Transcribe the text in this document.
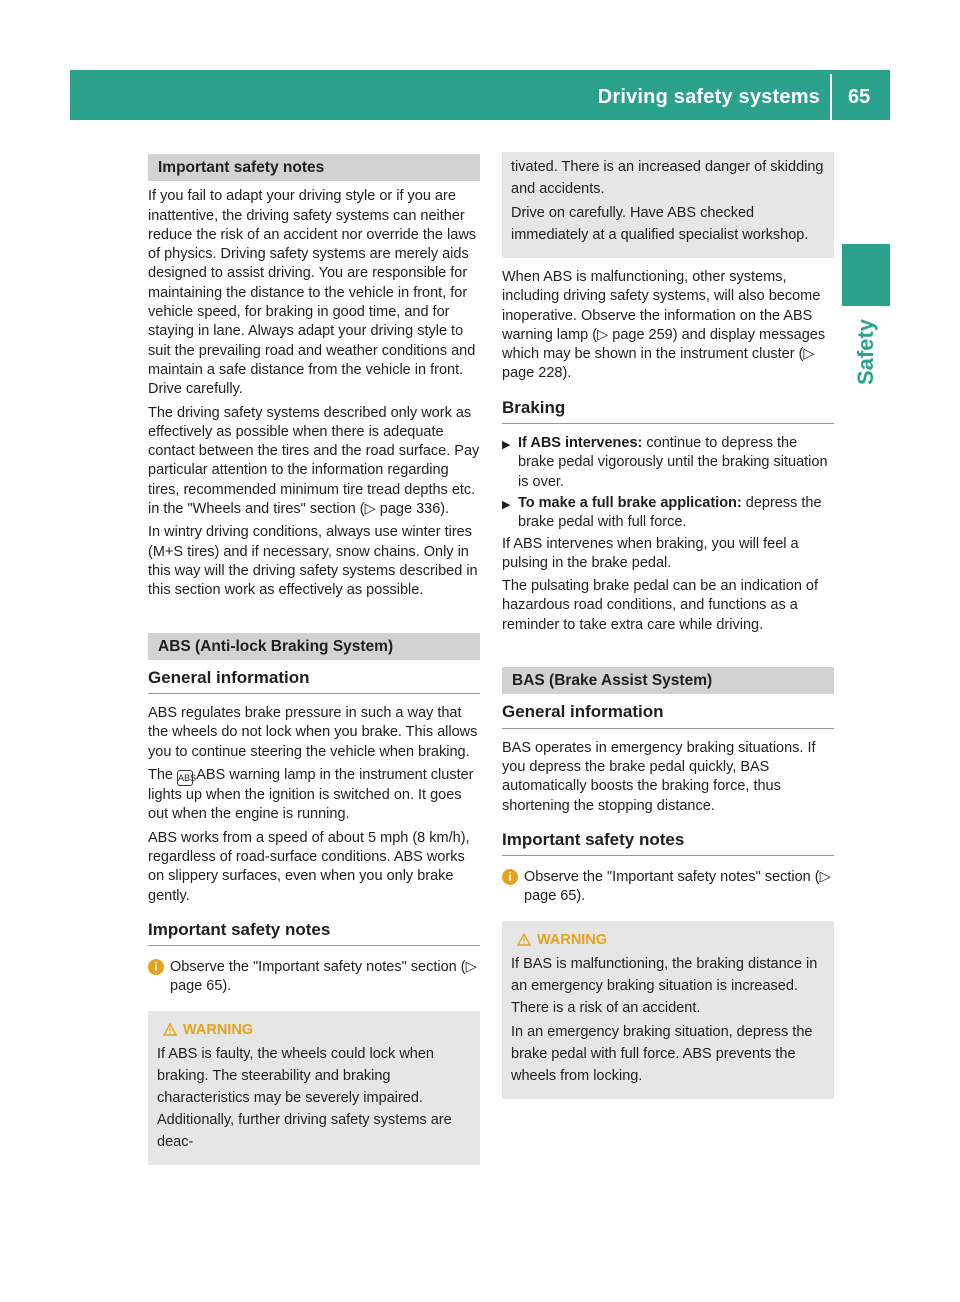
Driving safety systems 65
Safety
Important safety notes

If you fail to adapt your driving style or if you are inattentive, the driving safety systems can neither reduce the risk of an accident nor override the laws of physics. Driving safety systems are merely aids designed to assist driving. You are responsible for maintaining the distance to the vehicle in front, for vehicle speed, for braking in good time, and for staying in lane. Always adapt your driving style to suit the prevailing road and weather conditions and maintain a safe distance from the vehicle in front. Drive carefully.

The driving safety systems described only work as effectively as possible when there is adequate contact between the tires and the road surface. Pay particular attention to the information regarding tires, recommended minimum tire tread depths etc. in the "Wheels and tires" section (▷ page 336).

In wintry driving conditions, always use winter tires (M+S tires) and if necessary, snow chains. Only in this way will the driving safety systems described in this section work as effectively as possible.

ABS (Anti-lock Braking System)
General information

ABS regulates brake pressure in such a way that the wheels do not lock when you brake. This allows you to continue steering the vehicle when braking.

The ABS ABS warning lamp in the instrument cluster lights up when the ignition is switched on. It goes out when the engine is running.

ABS works from a speed of about 5 mph (8 km/h), regardless of road-surface conditions. ABS works on slippery surfaces, even when you only brake gently.

Important safety notes
i Observe the "Important safety notes" section (▷ page 65).
WARNING

If ABS is faulty, the wheels could lock when braking. The steerability and braking characteristics may be severely impaired. Additionally, further driving safety systems are deac-

tivated. There is an increased danger of skidding and accidents.

Drive on carefully. Have ABS checked immediately at a qualified specialist workshop.

When ABS is malfunctioning, other systems, including driving safety systems, will also become inoperative. Observe the information on the ABS warning lamp (▷ page 259) and display messages which may be shown in the instrument cluster (▷ page 228).

Braking
▶ If ABS intervenes: continue to depress the brake pedal vigorously until the braking situation is over.
▶ To make a full brake application: depress the brake pedal with full force.

If ABS intervenes when braking, you will feel a pulsing in the brake pedal.

The pulsating brake pedal can be an indication of hazardous road conditions, and functions as a reminder to take extra care while driving.

BAS (Brake Assist System)
General information

BAS operates in emergency braking situations. If you depress the brake pedal quickly, BAS automatically boosts the braking force, thus shortening the stopping distance.

Important safety notes
i Observe the "Important safety notes" section (▷ page 65).
WARNING

If BAS is malfunctioning, the braking distance in an emergency braking situation is increased. There is a risk of an accident.

In an emergency braking situation, depress the brake pedal with full force. ABS prevents the wheels from locking.
